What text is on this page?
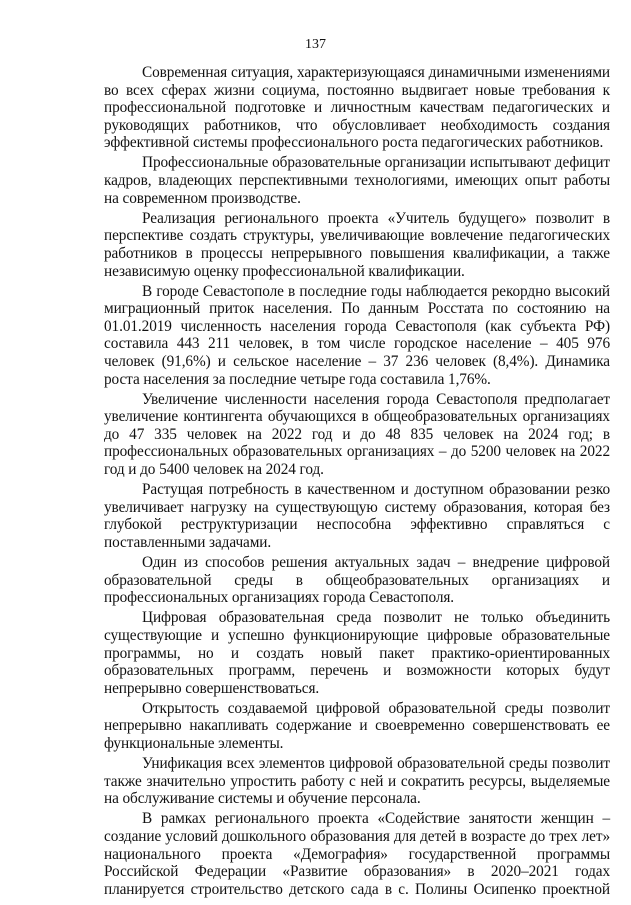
137

Современная ситуация, характеризующаяся динамичными изменениями во всех сферах жизни социума, постоянно выдвигает новые требования к профессиональной подготовке и личностным качествам педагогических и руководящих работников, что обусловливает необходимость создания эффективной системы профессионального роста педагогических работников.

Профессиональные образовательные организации испытывают дефицит кадров, владеющих перспективными технологиями, имеющих опыт работы на современном производстве.

Реализация регионального проекта «Учитель будущего» позволит в перспективе создать структуры, увеличивающие вовлечение педагогических работников в процессы непрерывного повышения квалификации, а также независимую оценку профессиональной квалификации.

В городе Севастополе в последние годы наблюдается рекордно высокий миграционный приток населения. По данным Росстата по состоянию на 01.01.2019 численность населения города Севастополя (как субъекта РФ) составила 443 211 человек, в том числе городское население – 405 976 человек (91,6%) и сельское население – 37 236 человек (8,4%). Динамика роста населения за последние четыре года составила 1,76%.

Увеличение численности населения города Севастополя предполагает увеличение контингента обучающихся в общеобразовательных организациях до 47 335 человек на 2022 год и до 48 835 человек на 2024 год; в профессиональных образовательных организациях – до 5200 человек на 2022 год и до 5400 человек на 2024 год.

Растущая потребность в качественном и доступном образовании резко увеличивает нагрузку на существующую систему образования, которая без глубокой реструктуризации неспособна эффективно справляться с поставленными задачами.

Один из способов решения актуальных задач – внедрение цифровой образовательной среды в общеобразовательных организациях и профессиональных организациях города Севастополя.

Цифровая образовательная среда позволит не только объединить существующие и успешно функционирующие цифровые образовательные программы, но и создать новый пакет практико-ориентированных образовательных программ, перечень и возможности которых будут непрерывно совершенствоваться.

Открытость создаваемой цифровой образовательной среды позволит непрерывно накапливать содержание и своевременно совершенствовать ее функциональные элементы.

Унификация всех элементов цифровой образовательной среды позволит также значительно упростить работу с ней и сократить ресурсы, выделяемые на обслуживание системы и обучение персонала.

В рамках регионального проекта «Содействие занятости женщин – создание условий дошкольного образования для детей в возрасте до трех лет» национального проекта «Демография» государственной программы Российской Федерации «Развитие образования» в 2020–2021 годах планируется строительство детского сада в с. Полины Осипенко проектной
